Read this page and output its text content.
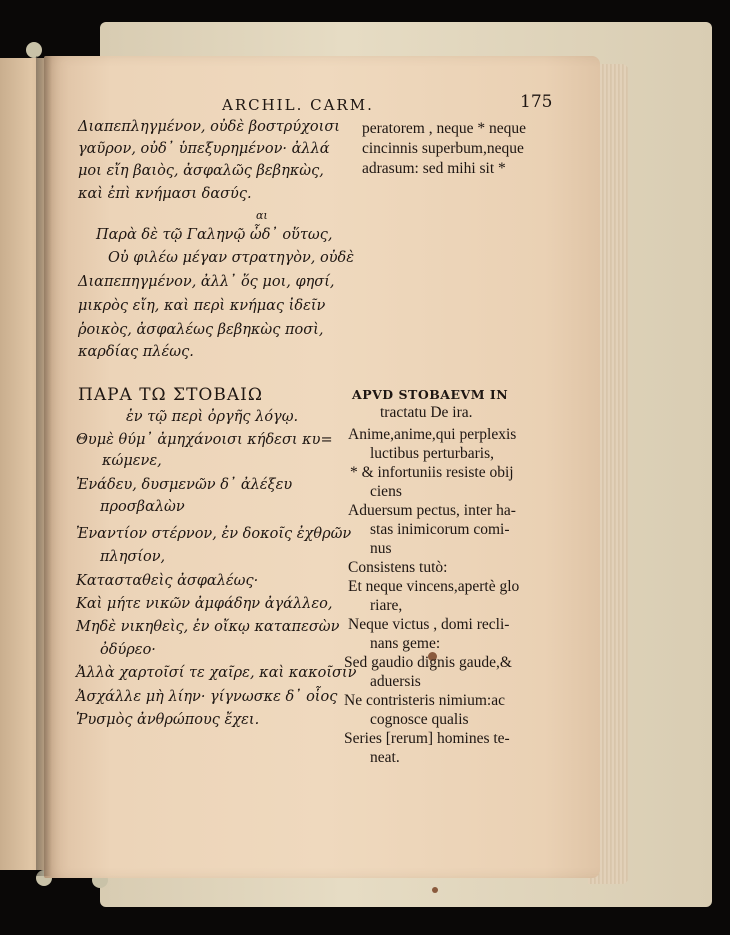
ARCHIL. CARM.	175
Διαπεπληγμένον, οὐδὲ βοστρύχοισι
γαῦρον, οὐδ᾽ ὑπεξυρημένον· ἀλλά
μοι εἴη βαιὸς, ἀσφαλῶς βεβηκὼς,
καὶ ἐπὶ κνήμασι δασύς.
peratorem , neque * neque
cincinnis superbum,neque
adrasum: sed mihi sit *
αι
Παρὰ δὲ τῷ Γαληνῷ ὧδ᾽ οὕτως,
Οὐ φιλέω μέγαν στρατηγὸν, οὐδὲ
Διαπεπηγμένον, ἀλλ᾽ ὅς μοι, φησί,
μικρὸς εἴη, καὶ περὶ κνήμας ἰδεῖν
ῥοικὸς, ἀσφαλέως βεβηκὼς ποσὶ,
καρδίας πλέως.
ΠΑΡΑ ΤΩ ΣΤΟΒΑΙΩ
ἐν τῷ περὶ ὀργῆς λόγῳ.
APVD STOBAEVM IN
tractatu De ira.
Θυμὲ θύμ᾽ ἀμηχάνοισι κήδεσι κυ=
κώμενε,
Ἐνάδευ, δυσμενῶν δ᾽ ἀλέξευ
προσβαλὼν
Ἐναντίον στέρνον, ἐν δοκοῖς ἐχθρῶν
πλησίον,
Κατασταθεὶς ἀσφαλέως·
Καὶ μήτε νικῶν ἀμφάδην ἀγάλλεο,
Μηδὲ νικηθεὶς, ἐν οἴκῳ καταπεσὼν
ὀδύρεο·
Ἀλλὰ χαρτοῖσί τε χαῖρε, καὶ κακοῖσιν
Ἀσχάλλε μὴ λίην· γίγνωσκε δ᾽ οἷος
Ῥυσμὸς ἀνθρώπους ἔχει.
Anime,anime,qui perplexis
luctibus perturbaris,
* & infortuniis resiste obij
ciens
Aduersum pectus, inter ha-
stas inimicorum comi-
nus
Consistens tutò:
Et neque vincens,apertè glo
riare,
Neque victus , domi recli-
nans geme:
Sed gaudio dignis gaude,&
aduersis
Ne contristeris nimium:ac
cognosce qualis
Series [rerum] homines te-
neat.
